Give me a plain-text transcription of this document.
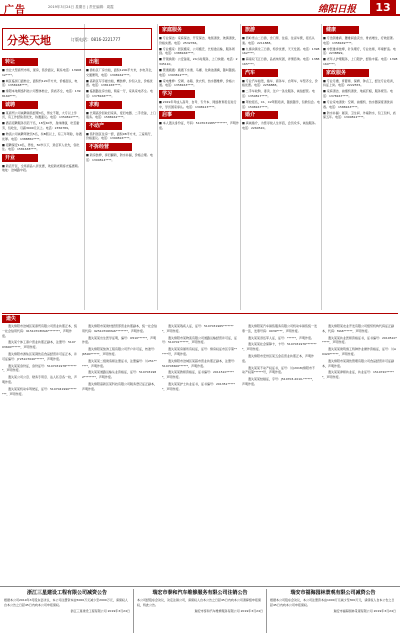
广告	2019年3月24日 星期日 | 责任编辑：周霞	绵阳日报	13
转让
■ 出让大型商贸市场，现房，售价面议，联系电话：1390812****。
■ 城区临街门面转让，面积约120平方米，价格面议，电话：1358168****。
■ 绵阳本地网络科技公司整体转让，资质齐全，电话：1398160****。
诚聘
■ 某商贸公司诚聘销售经理3名，男女不限，大专以上学历，有工作经验者优先，待遇面议。电话：1350810****。
■ 酒店招聘服务员若干名，18至40岁，身体健康，吃苦耐劳，包吃住，月薪3000元以上。电话：2356789。
■ 物流公司诚聘驾驶员5名，持B照以上，有三年驾龄，待遇优厚。电话：1388850****。
■ 招聘保安10名，男性，50岁以下，退伍军人优先，包吃住。电话：1581638****。
开业
■ 新店开张，全场商品八折优惠，欢迎新老顾客光临惠顾。地址：涪城路中段。
出租
■ 游仙区厂房出租，面积1200平方米，水电齐全，交通便利，电话：1398162****。
■ 高新区写字楼出租，精装修，拎包入住，价格优惠。电话：1381165****。
■ 临园路住房出租，两室一厅，家具家电齐全。电话：1378166****。
求购
■ 长期高价回收旧家具、废旧电器、二手设备，上门服务。电话：1588162****。
不动产
■ 售科创区住房一套，面积98平方米，三室两厅，价格面议。电话：1390816****。
不拆经营
■ 新房装修，拆旧翻新，防水补漏，价格合理。电话：1300814****。
家庭服务
■ 专业保洁：家庭保洁、开荒保洁、地毯清洗、玻璃清洗，价格实惠。电话：2532766。
■ 专业搬家：居民搬家、公司搬迁、长短途运输，服务周到。电话：1388166****。
■ 开锁换锁：公安备案，24小时服务，上门快捷。电话：2345110。
■ 管道疏通：疏通下水道、马桶、化粪池清掏，随叫随到。电话：1393812****。
■ 家电维修：空调、冰箱、洗衣机、热水器维修，价格公道。电话：1358163****。
学习
■ 2019年考成人高考、自考、专升本、网络教育报名进行中，学历国家承认。电话：1398123****。
启事
■ 本人遗失身份证，号码：5107031985********，声明作废。
旅游
■ 西岭雪山二日游，含门票、住宿、往返车费，报名从速。电话：2211888。
■ 九寨沟黄龙三日游，特价优惠，天天发团。电话：1398162****。
■ 海南双飞五日游，品质纯玩团，详情咨询。电话：1388165****。
汽车
■ 专业汽车租赁，婚车、商务车、自驾车，车型齐全，价格优惠。电话：2256888。
■ 二手车收购、寄卖、过户一条龙服务，诚信经营。电话：1350817****。
■ 驾校报名，C1、C2驾照培训，随到随学，包教包会。电话：1598167****。
婚介
■ 真诚婚介，为您寻找人生伴侣，会员众多，诚信服务。电话：2260520。
健康
■ 专治颈椎病、腰椎间盘突出、骨质增生，疗效显著。电话：1358169****。
■ 中医推拿按摩，针灸理疗，专业技师，环境舒适。电话：2238899。
■ 老年人护理服务，上门陪护，经验丰富。电话：1398160****。
家政服务
■ 专业月嫂、育婴师、保姆、钟点工，经过专业培训，持证上岗。电话：2222555。
■ 家庭清洁、油烟机清洗、地板打蜡，服务规范。电话：1378167****。
■ 专业家电清洗：空调、油烟机、热水器深度清洗消毒。电话：1588163****。
■ 防水补漏：屋顶、卫生间、外墙防水，包工包料，质保五年。电话：1300812****。
分类天地	订版电话：0816-2221777
遗失
遗失绵阳市涪城区某商贸有限公司营业执照正本，统一社会信用代码：91510703MA6********，声明作废。
遗失某个体工商户营业执照正副本，注册号：510703600******，声明作废。
遗失绵阳市游仙区某餐饮店食品经营许可证正本，许可证编号：JY25107040******，声明作废。
遗失某某身份证，身份证号：5107031978********，声明作废。
遗失某公司公章、财务专用章、法人私章各一枚，声明作废。
遗失某某机动车驾驶证，证号：5107041990********，声明作废。
遗失绵阳市某建材经营部营业执照副本，统一社会信用代码：92510700MA6********，声明作废。
遗失某某出生医学证明，编号：O510******，声明作废。
遗失绵阳某装饰工程有限公司开户许可证，核准号：J6590******，声明作废。
遗失某某二级建造师注册证书，注册编号：川251******，声明作废。
遗失某某道路运输从业资格证，证号：5107031982********，声明作废。
遗失绵阳高新区某科技有限公司税务登记证正副本，声明作废。
遗失某某残疾人证，证号：5107031965********，声明作废。
遗失绵阳市某物流有限公司道路运输经营许可证，证号：510701******，声明作废。
遗失某某房屋所有权证，证号：绵房权证市区字第******号，声明作废。
遗失绵阳市涪城区某超市营业执照正副本，注册号：510703600******，声明作废。
遗失某某教师资格证，证书编号：2011510******，声明作废。
遗失某某护士执业证书，证书编号：201351******，声明作废。
遗失绵阳某汽车销售服务有限公司机动车销售统一发票一张，发票号码：0039****，声明作废。
遗失某某退伍军人证，证号：******，声明作废。
遗失某某社会保障卡，卡号：5107031976********，声明作废。
遗失绵阳市安州区某五金店营业执照正本，声明作废。
遗失某某不动产权证书，证号：川(2018)绵阳市不动产权第******号，声明作废。
遗失某某结婚证，字号：J510703-2010-******，声明作废。
遗失绵阳某农业开发有限公司组织机构代码证正副本，代码：MA6******，声明作废。
遗失某某执业医师资格证书，证书编号：2010510******，声明作废。
遗失某某建筑施工特种作业操作资格证，证号：川A0420******，声明作废。
遗失绵阳市某餐饮管理有限公司食品经营许可证副本，声明作废。
遗失某某律师执业证，执业证号：1510720******，声明作废。
浙江三星建设工程有限公司减资公告
根据本公司2019年3月股东会决议，本公司注册资本由5000万元减少至2000万元，请债权人自本公告之日起45日内向本公司申报债权。
浙江三星建设工程有限公司 2019年3月24日
瑞宏市泰和汽车维修服务有限公司注销公告
本公司经股东会决议，决定注销公司，请债权人自本公告之日起45日内向本公司清算组申报债权，特此公告。
瑞宏市泰和汽车维修服务有限公司 2019年3月24日
瑞安市福海园林景观有限公司减资公告
根据本公司股东会决议，本公司注册资本由1000万元减少至300万元，请债权人自本公告之日起45日内向本公司申报债权。
瑞安市福海园林景观有限公司 2019年3月24日
